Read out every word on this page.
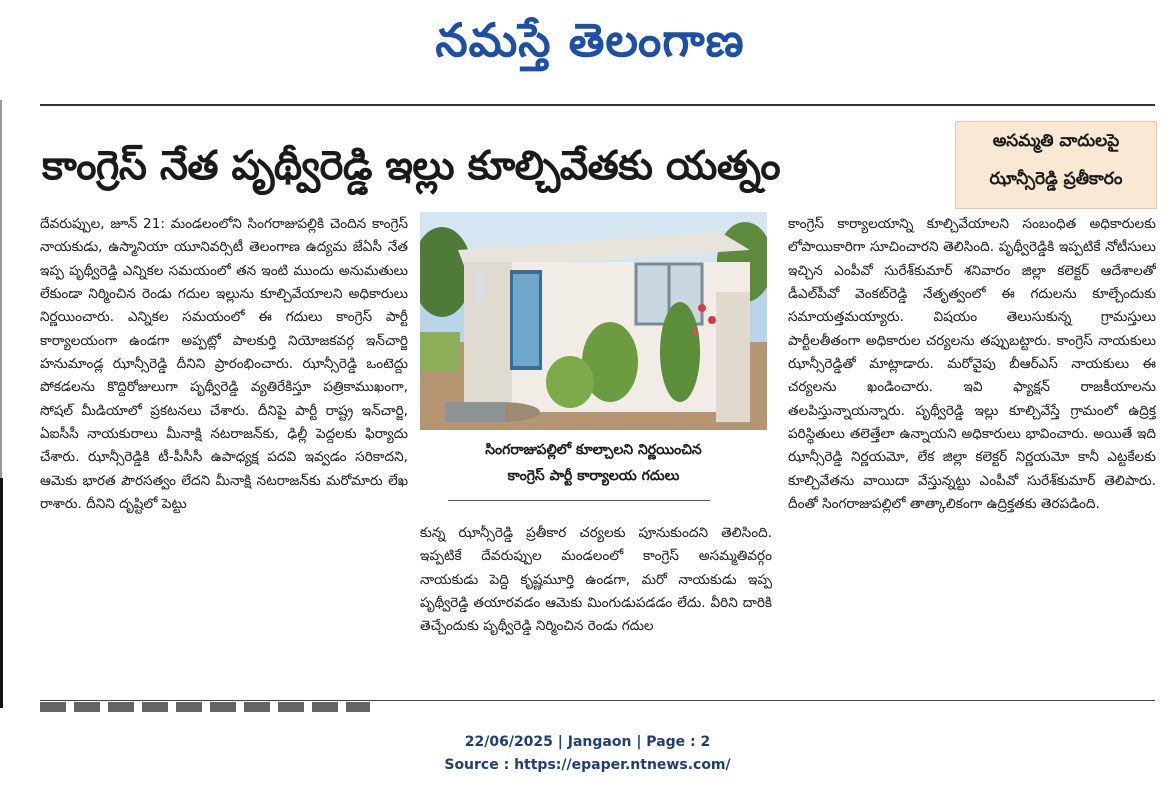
నమస్తే తెలంగాణ
కాంగ్రెస్ నేత పృథ్వీరెడ్డి ఇల్లు కూల్చివేతకు యత్నం
అసమ్మతి వాదులపై
ఝాన్సీరెడ్డి ప్రతీకారం
దేవరుప్పుల, జూన్ 21: మండలంలోని సింగరాజుపల్లికి చెందిన కాంగ్రెస్ నాయకుడు, ఉస్మానియా యూనివర్సిటీ తెలంగాణ ఉద్యమ జేఏసీ నేత ఇప్ప పృథ్వీరెడ్డి ఎన్నికల సమయంలో తన ఇంటి ముందు అనుమతులు లేకుండా నిర్మించిన రెండు గదుల ఇల్లును కూల్చివేయాలని అధికారులు నిర్ణయించారు. ఎన్నికల సమయంలో ఈ గదులు కాంగ్రెస్ పార్టీ కార్యాలయంగా ఉండగా అప్పట్లో పాలకుర్తి నియోజకవర్గ ఇన్‌చార్జి హనుమాండ్ల ఝాన్సీరెడ్డి దీనిని ప్రారంభించారు. ఝాన్సీరెడ్డి ఒంటెద్దు పోకడలను కొద్దిరోజులుగా పృథ్వీరెడ్డి వ్యతిరేకిస్తూ పత్రికాముఖంగా, సోషల్ మీడియాలో ప్రకటనలు చేశారు. దీనిపై పార్టీ రాష్ట్ర ఇన్‌చార్జి, ఏఐసీసీ నాయకురాలు మీనాక్షి నటరాజన్‌కు, ఢిల్లీ పెద్దలకు ఫిర్యాదు చేశారు. ఝాన్సీరెడ్డికి టీ-పీసీసీ ఉపాధ్యక్ష పదవి ఇవ్వడం సరికాదని, ఆమెకు భారత పౌరసత్వం లేదని మీనాక్షి నటరాజన్‌కు మరోమారు లేఖ రాశారు. దీనిని దృష్టిలో పెట్టు
సింగరాజుపల్లిలో కూల్చాలని నిర్ణయించిన
కాంగ్రెస్ పార్టీ కార్యాలయ గదులు
కున్న ఝాన్సీరెడ్డి ప్రతీకార చర్యలకు పూనుకుందని తెలిసింది. ఇప్పటికే దేవరుప్పుల మండలంలో కాంగ్రెస్ అసమ్మతివర్గం నాయకుడు పెద్ది కృష్ణమూర్తి ఉండగా, మరో నాయకుడు ఇప్ప పృథ్వీరెడ్డి తయారవడం ఆమెకు మింగుడుపడడం లేదు. వీరిని దారికి తెచ్చేందుకు పృథ్వీరెడ్డి నిర్మించిన రెండు గదుల
కాంగ్రెస్ కార్యాలయాన్ని కూల్చివేయాలని సంబంధిత అధికారులకు లోపాయికారిగా సూచించారని తెలిసింది. పృథ్వీరెడ్డికి ఇప్పటికే నోటీసులు ఇచ్చిన ఎంపీవో సురేశ్‌కుమార్ శనివారం జిల్లా కలెక్టర్ ఆదేశాలతో డీఎల్‌పీవో వెంకట్‌రెడ్డి నేతృత్వంలో ఈ గదులను కూల్చేందుకు సమాయత్తమయ్యారు. విషయం తెలుసుకున్న గ్రామస్తులు పార్టీలతీతంగా అధికారుల చర్యలను తప్పుబట్టారు. కాంగ్రెస్ నాయకులు ఝాన్సీరెడ్డితో మాట్లాడారు. మరోవైపు బీఆర్‌ఎస్ నాయకులు ఈ చర్యలను ఖండించారు. ఇవి ఫ్యాక్షన్ రాజకీయాలను తలపిస్తున్నాయన్నారు. పృథ్వీరెడ్డి ఇల్లు కూల్చివేస్తే గ్రామంలో ఉద్రిక్త పరిస్థితులు తలెత్తేలా ఉన్నాయని అధికారులు భావించారు. అయితే ఇది ఝాన్సీరెడ్డి నిర్ణయమో, లేక జిల్లా కలెక్టర్ నిర్ణయమో కానీ ఎట్టకేలకు కూల్చివేతను వాయిదా వేస్తున్నట్టు ఎంపీవో సురేశ్‌కుమార్ తెలిపారు. దీంతో సింగరాజుపల్లిలో తాత్కాలికంగా ఉద్రిక్తతకు తెరపడింది.
22/06/2025 | Jangaon | Page : 2
Source : https://epaper.ntnews.com/
